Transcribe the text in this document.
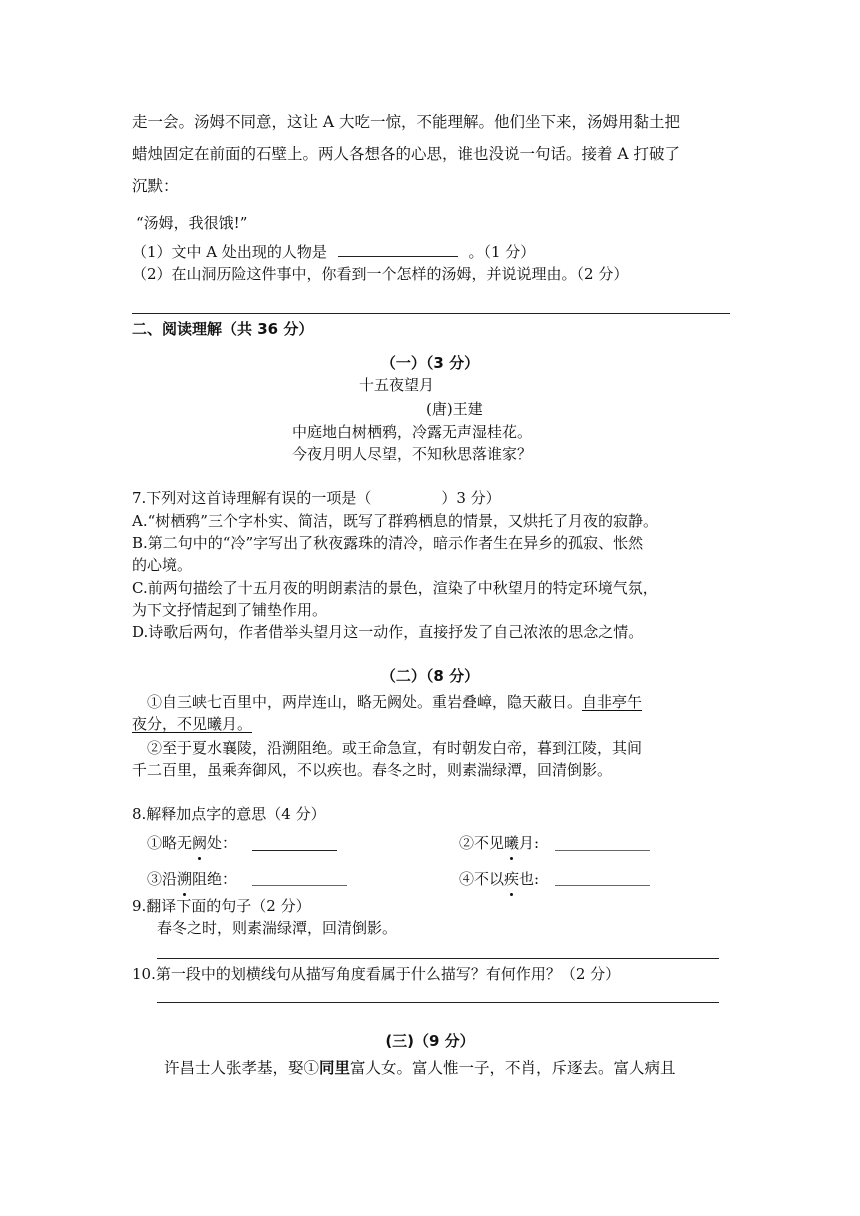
走一会。汤姆不同意，这让 A 大吃一惊，不能理解。他们坐下来，汤姆用黏土把
蜡烛固定在前面的石壁上。两人各想各的心思，谁也没说一句话。接着 A 打破了
沉默：
“汤姆，我很饿!”
（1）文中 A 处出现的人物是	。（1 分）
（2）在山洞历险这件事中，你看到一个怎样的汤姆，并说说理由。（2 分）
二、阅读理解（共 36 分）
（一）（3 分）
十五夜望月
(唐)王建
中庭地白树栖鸦，冷露无声湿桂花。
今夜月明人尽望，不知秋思落谁家？
7.下列对这首诗理解有误的一项是（	）3 分）
A.“树栖鸦”三个字朴实、简洁，既写了群鸦栖息的情景，又烘托了月夜的寂静。
B.第二句中的“冷”字写出了秋夜露珠的清冷，暗示作者生在异乡的孤寂、怅然
的心境。
C.前两句描绘了十五月夜的明朗素洁的景色，渲染了中秋望月的特定环境气氛，
为下文抒情起到了铺垫作用。
D.诗歌后两句，作者借举头望月这一动作，直接抒发了自己浓浓的思念之情。
（二）（8 分）
①自三峡七百里中，两岸连山，略无阙处。重岩叠嶂，隐天蔽日。自非亭午
夜分，不见曦月。
②至于夏水襄陵，沿溯阻绝。或王命急宣，有时朝发白帝，暮到江陵，其间
千二百里，虽乘奔御风，不以疾也。春冬之时，则素湍绿潭，回清倒影。
8.解释加点字的意思（4 分）
①略无阙处：	②不见曦月:
③沿溯阻绝：	④不以疾也:
9.翻译下面的句子（2 分）
春冬之时，则素湍绿潭，回清倒影。
10.第一段中的划横线句从描写角度看属于什么描写？有何作用？（2 分）
(三)（9 分）
许昌士人张孝基，娶①同里富人女。富人惟一子，不肖，斥逐去。富人病且
